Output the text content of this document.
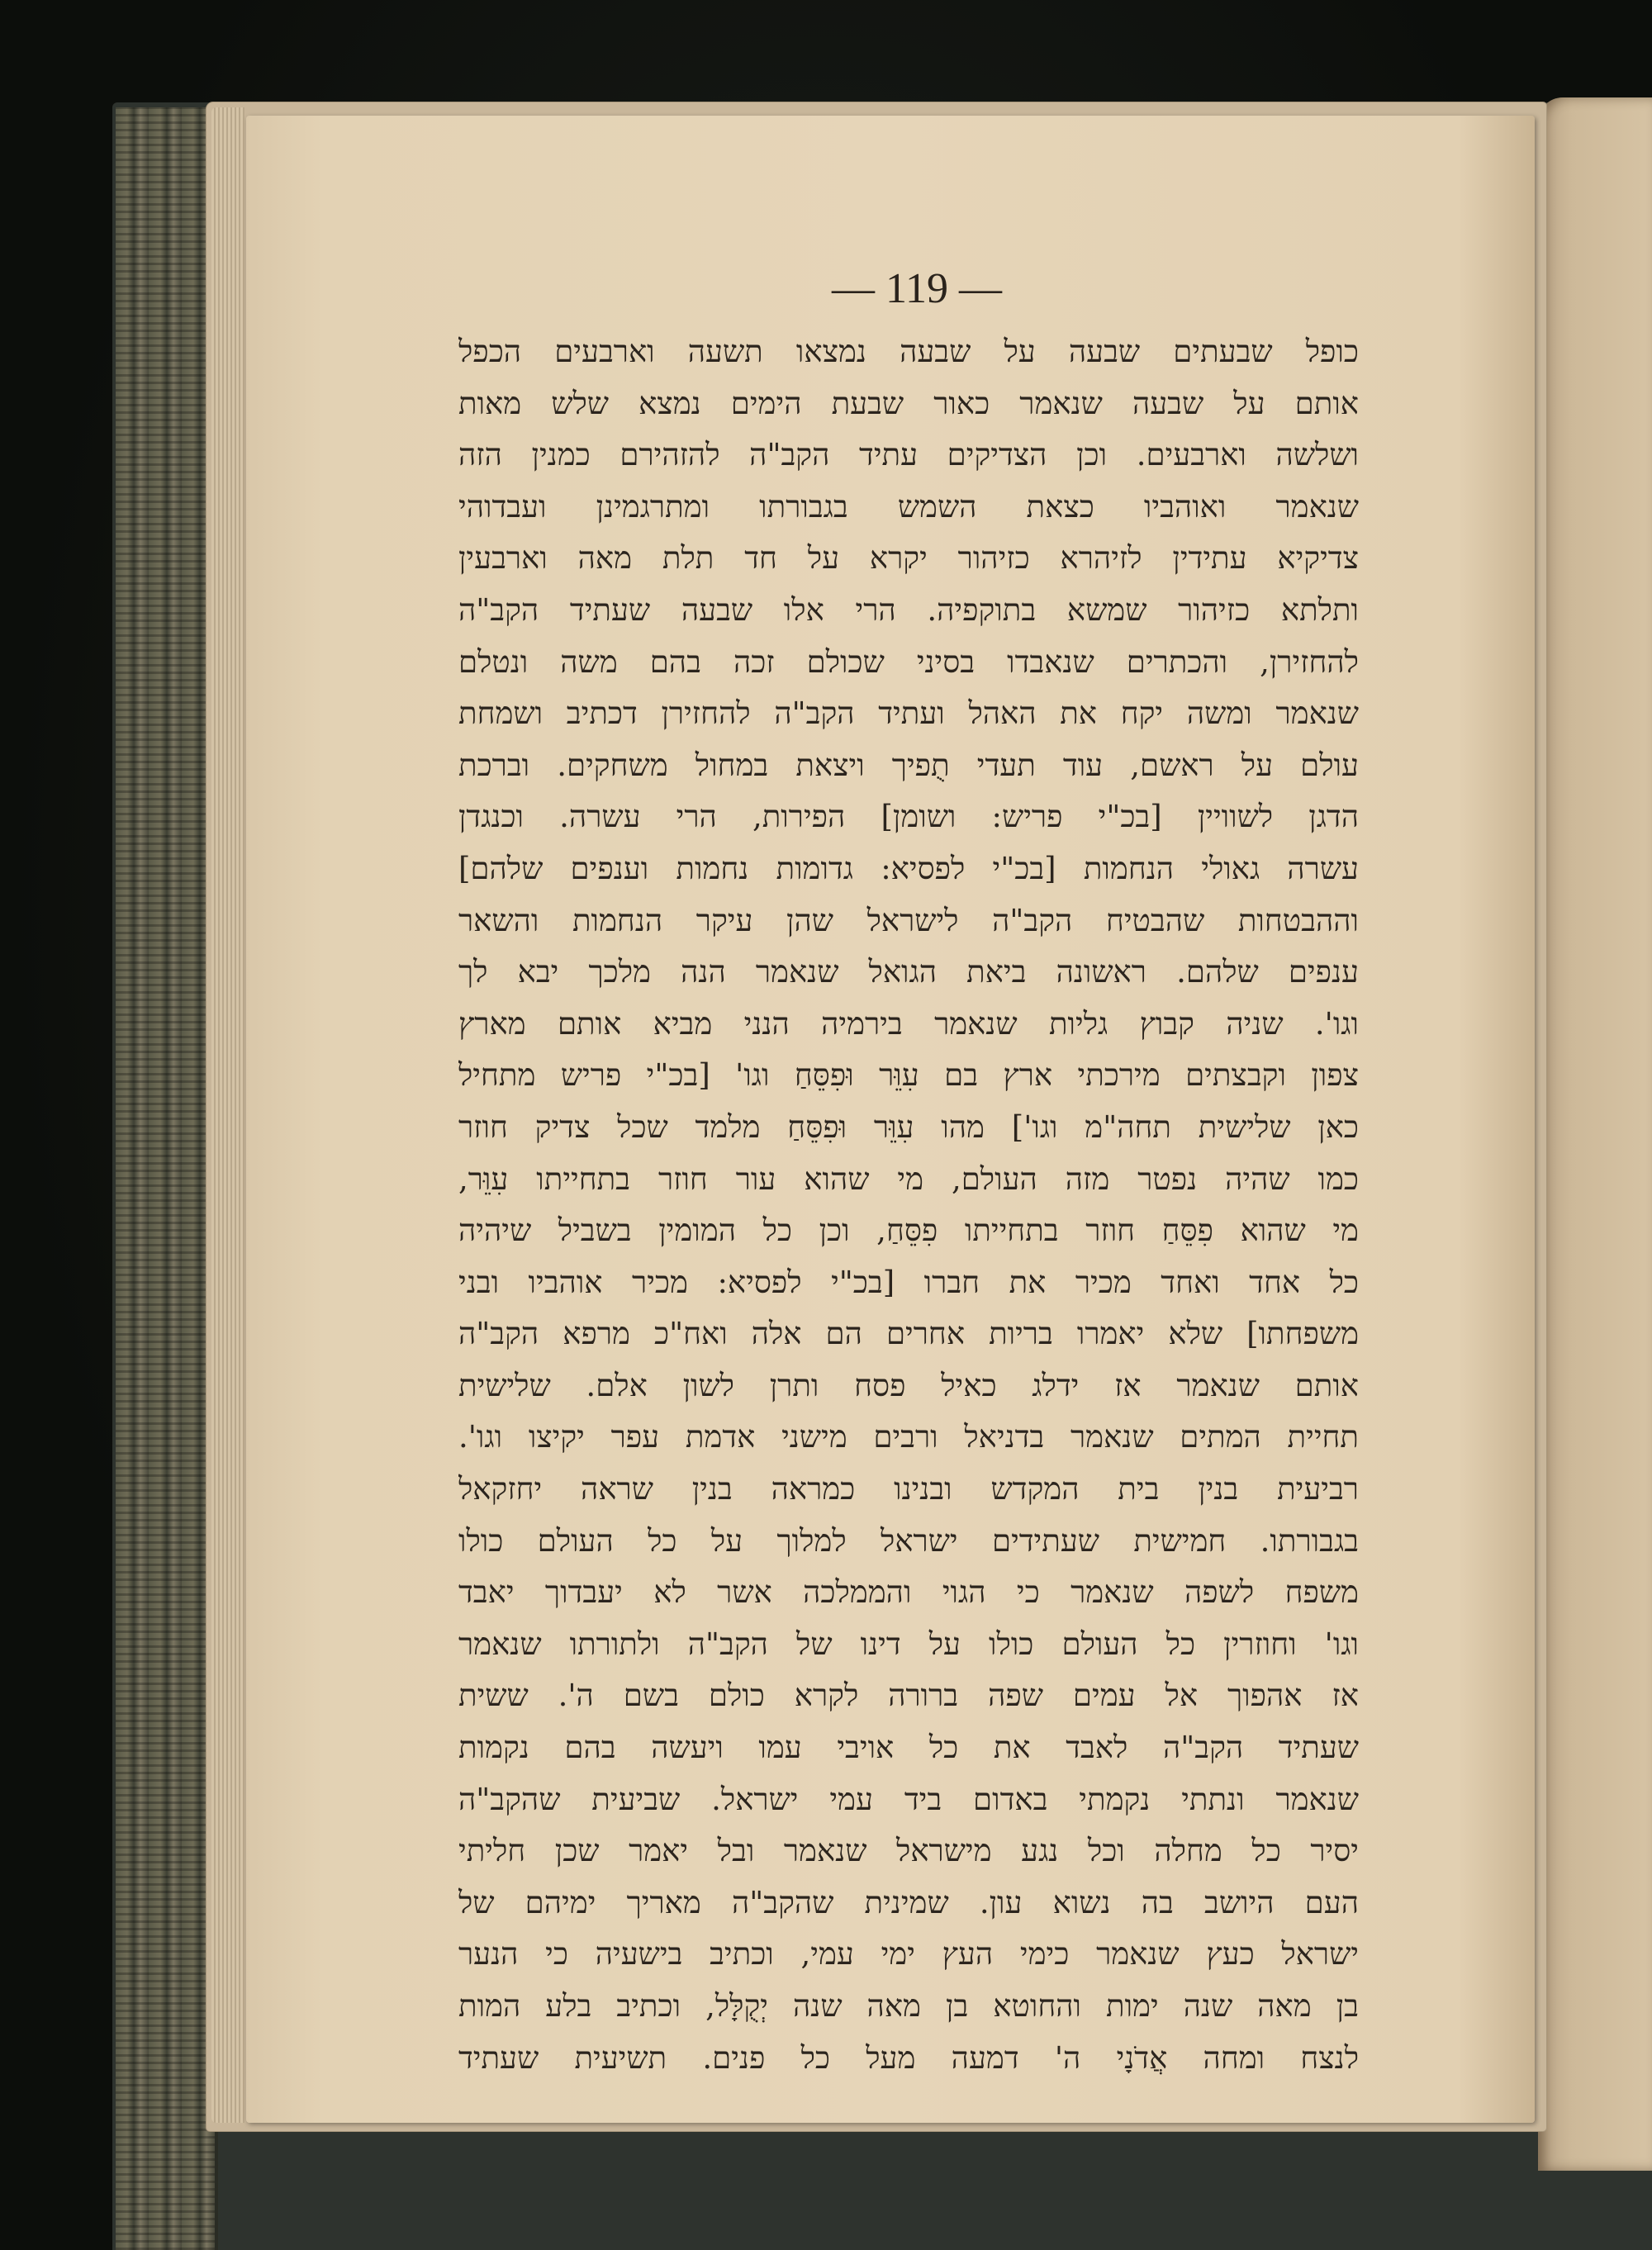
— 119 —
כופל שבעתים שבעה על שבעה נמצאו תשעה וארבעים הכפל
אותם על שבעה שנאמר כאור שבעת הימים נמצא שלש מאות
ושלשה וארבעים. וכן הצדיקים עתיד הקב"ה להזהירם כמנין הזה
שנאמר ואוהביו כצאת השמש בגבורתו ומתרגמינן ועבדוהי
צדיקיא עתידין לזיהרא כזיהור יקרא על חד תלת מאה וארבעין
ותלתא כזיהור שמשא בתוקפיה. הרי אלו שבעה שעתיד הקב"ה
להחזירן, והכתרים שנאבדו בסיני שכולם זכה בהם משה ונטלם
שנאמר ומשה יקח את האהל ועתיד הקב"ה להחזירן דכתיב ושמחת
עולם על ראשם, עוד תעדי תֻפיך ויצאת במחול משחקים. וברכת
הדגן לשוויין [בכ"י פריש: ושומן] הפירות, הרי עשרה. וכנגדן
עשרה גאולי הנחמות [בכ"י לפסיא: גדומות נחמות וענפים שלהם]
וההבטחות שהבטיח הקב"ה לישראל שהן עיקר הנחמות והשאר
ענפים שלהם. ראשונה ביאת הגואל שנאמר הנה מלכך יבא לך
וגו'. שניה קבוץ גליות שנאמר בירמיה הנני מביא אותם מארץ
צפון וקבצתים מירכתי ארץ בם עִוֵּר וּפִסֵּחַ וגו' [בכ"י פריש מתחיל
כאן שלישית תחה"מ וגו'] מהו עִוֵּר וּפִסֵּחַ מלמד שכל צדיק חוזר
כמו שהיה נפטר מזה העולם, מי שהוא עור חוזר בתחייתו עִוֵּר,
מי שהוא פִסֵּחַ חוזר בתחייתו פִסֵּחַ, וכן כל המומין בשביל שיהיה
כל אחד ואחד מכיר את חברו [בכ"י לפסיא: מכיר אוהביו ובני
משפחתו] שלא יאמרו בריות אחרים הם אלה ואח"כ מרפא הקב"ה
אותם שנאמר אז ידלג כאיל פסח ותרן לשון אלם. שלישית
תחיית המתים שנאמר בדניאל ורבים מישני אדמת עפר יקיצו וגו'.
רביעית בנין בית המקדש ובנינו כמראה בנין שראה יחזקאל
בגבורתו. חמישית שעתידים ישראל למלוך על כל העולם כולו
משפח לשפה שנאמר כי הגוי והממלכה אשר לא יעבדוך יאבד
וגו' וחוזרין כל העולם כולו על דינו של הקב"ה ולתורתו שנאמר
אז אהפוך אל עמים שפה ברורה לקרא כולם בשם ה'. ששית
שעתיד הקב"ה לאבד את כל אויבי עמו ויעשה בהם נקמות
שנאמר ונתתי נקמתי באדום ביד עמי ישראל. שביעית שהקב"ה
יסיר כל מחלה וכל נגע מישראל שנאמר ובל יאמר שכן חליתי
העם היושב בה נשוא עון. שמינית שהקב"ה מאריך ימיהם של
ישראל כעץ שנאמר כימי העץ ימי עמי, וכתיב בישעיה כי הנער
בן מאה שנה ימות והחוטא בן מאה שנה יְקֻלָּל, וכתיב בלע המות
לנצח ומחה אֲדֹנָי ה' דמעה מעל כל פנים. תשיעית שעתיד
